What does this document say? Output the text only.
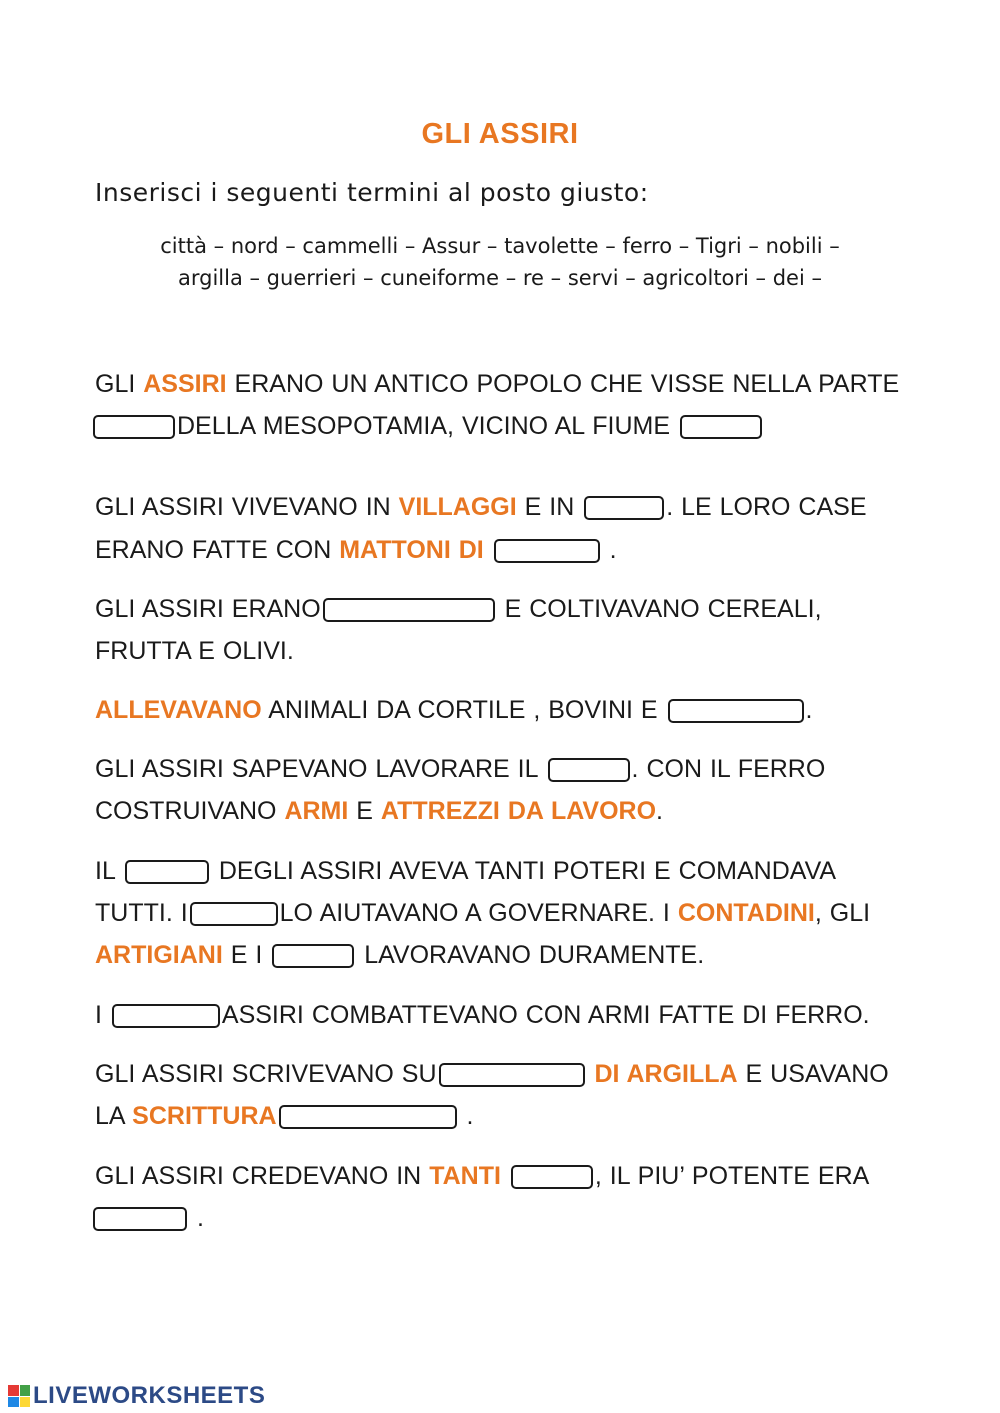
GLI ASSIRI
Inserisci i seguenti termini al posto giusto:
città – nord – cammelli – Assur – tavolette – ferro – Tigri – nobili –
argilla – guerrieri – cuneiforme – re – servi – agricoltori – dei –
GLI ASSIRI ERANO UN ANTICO POPOLO CHE VISSE NELLA PARTE
DELLA MESOPOTAMIA, VICINO AL FIUME
GLI ASSIRI VIVEVANO IN VILLAGGI E IN	. LE LORO CASE
ERANO FATTE CON MATTONI DI	.
GLI ASSIRI ERANO	E COLTIVAVANO CEREALI,
FRUTTA E OLIVI.
ALLEVAVANO ANIMALI DA CORTILE , BOVINI E	.
GLI ASSIRI SAPEVANO LAVORARE IL	. CON IL FERRO
COSTRUIVANO ARMI E ATTREZZI DA LAVORO.
IL	DEGLI ASSIRI AVEVA TANTI POTERI E COMANDAVA
TUTTI. I	LO AIUTAVANO A GOVERNARE. I CONTADINI, GLI
ARTIGIANI E I	LAVORAVANO DURAMENTE.
I	ASSIRI COMBATTEVANO CON ARMI FATTE DI FERRO.
GLI ASSIRI SCRIVEVANO SU	DI ARGILLA E USAVANO
LA SCRITTURA	.
GLI ASSIRI CREDEVANO IN TANTI	, IL PIU’ POTENTE ERA
.
LIVEWORKSHEETS
